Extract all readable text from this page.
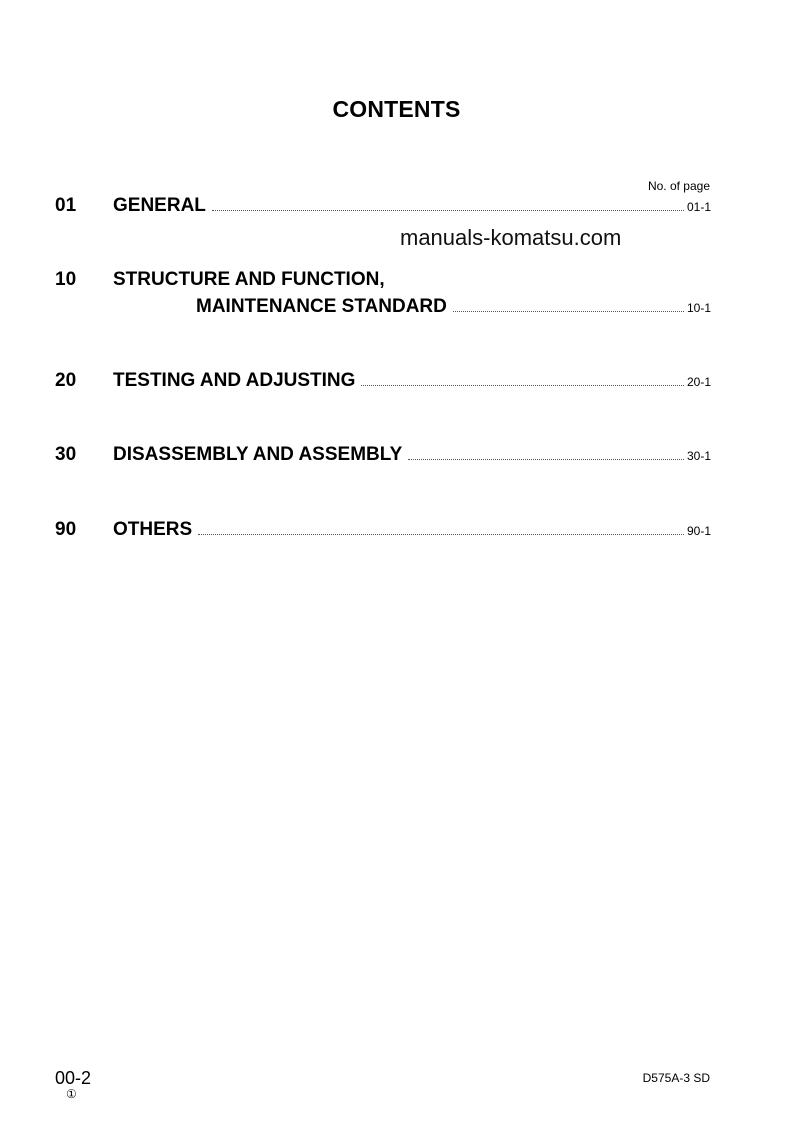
CONTENTS
No. of page
01 GENERAL	01-1
manuals-komatsu.com
10 STRUCTURE AND FUNCTION,
MAINTENANCE STANDARD	10-1
20 TESTING AND ADJUSTING	20-1
30 DISASSEMBLY AND ASSEMBLY	30-1
90 OTHERS	90-1
00-2
①
D575A-3 SD
